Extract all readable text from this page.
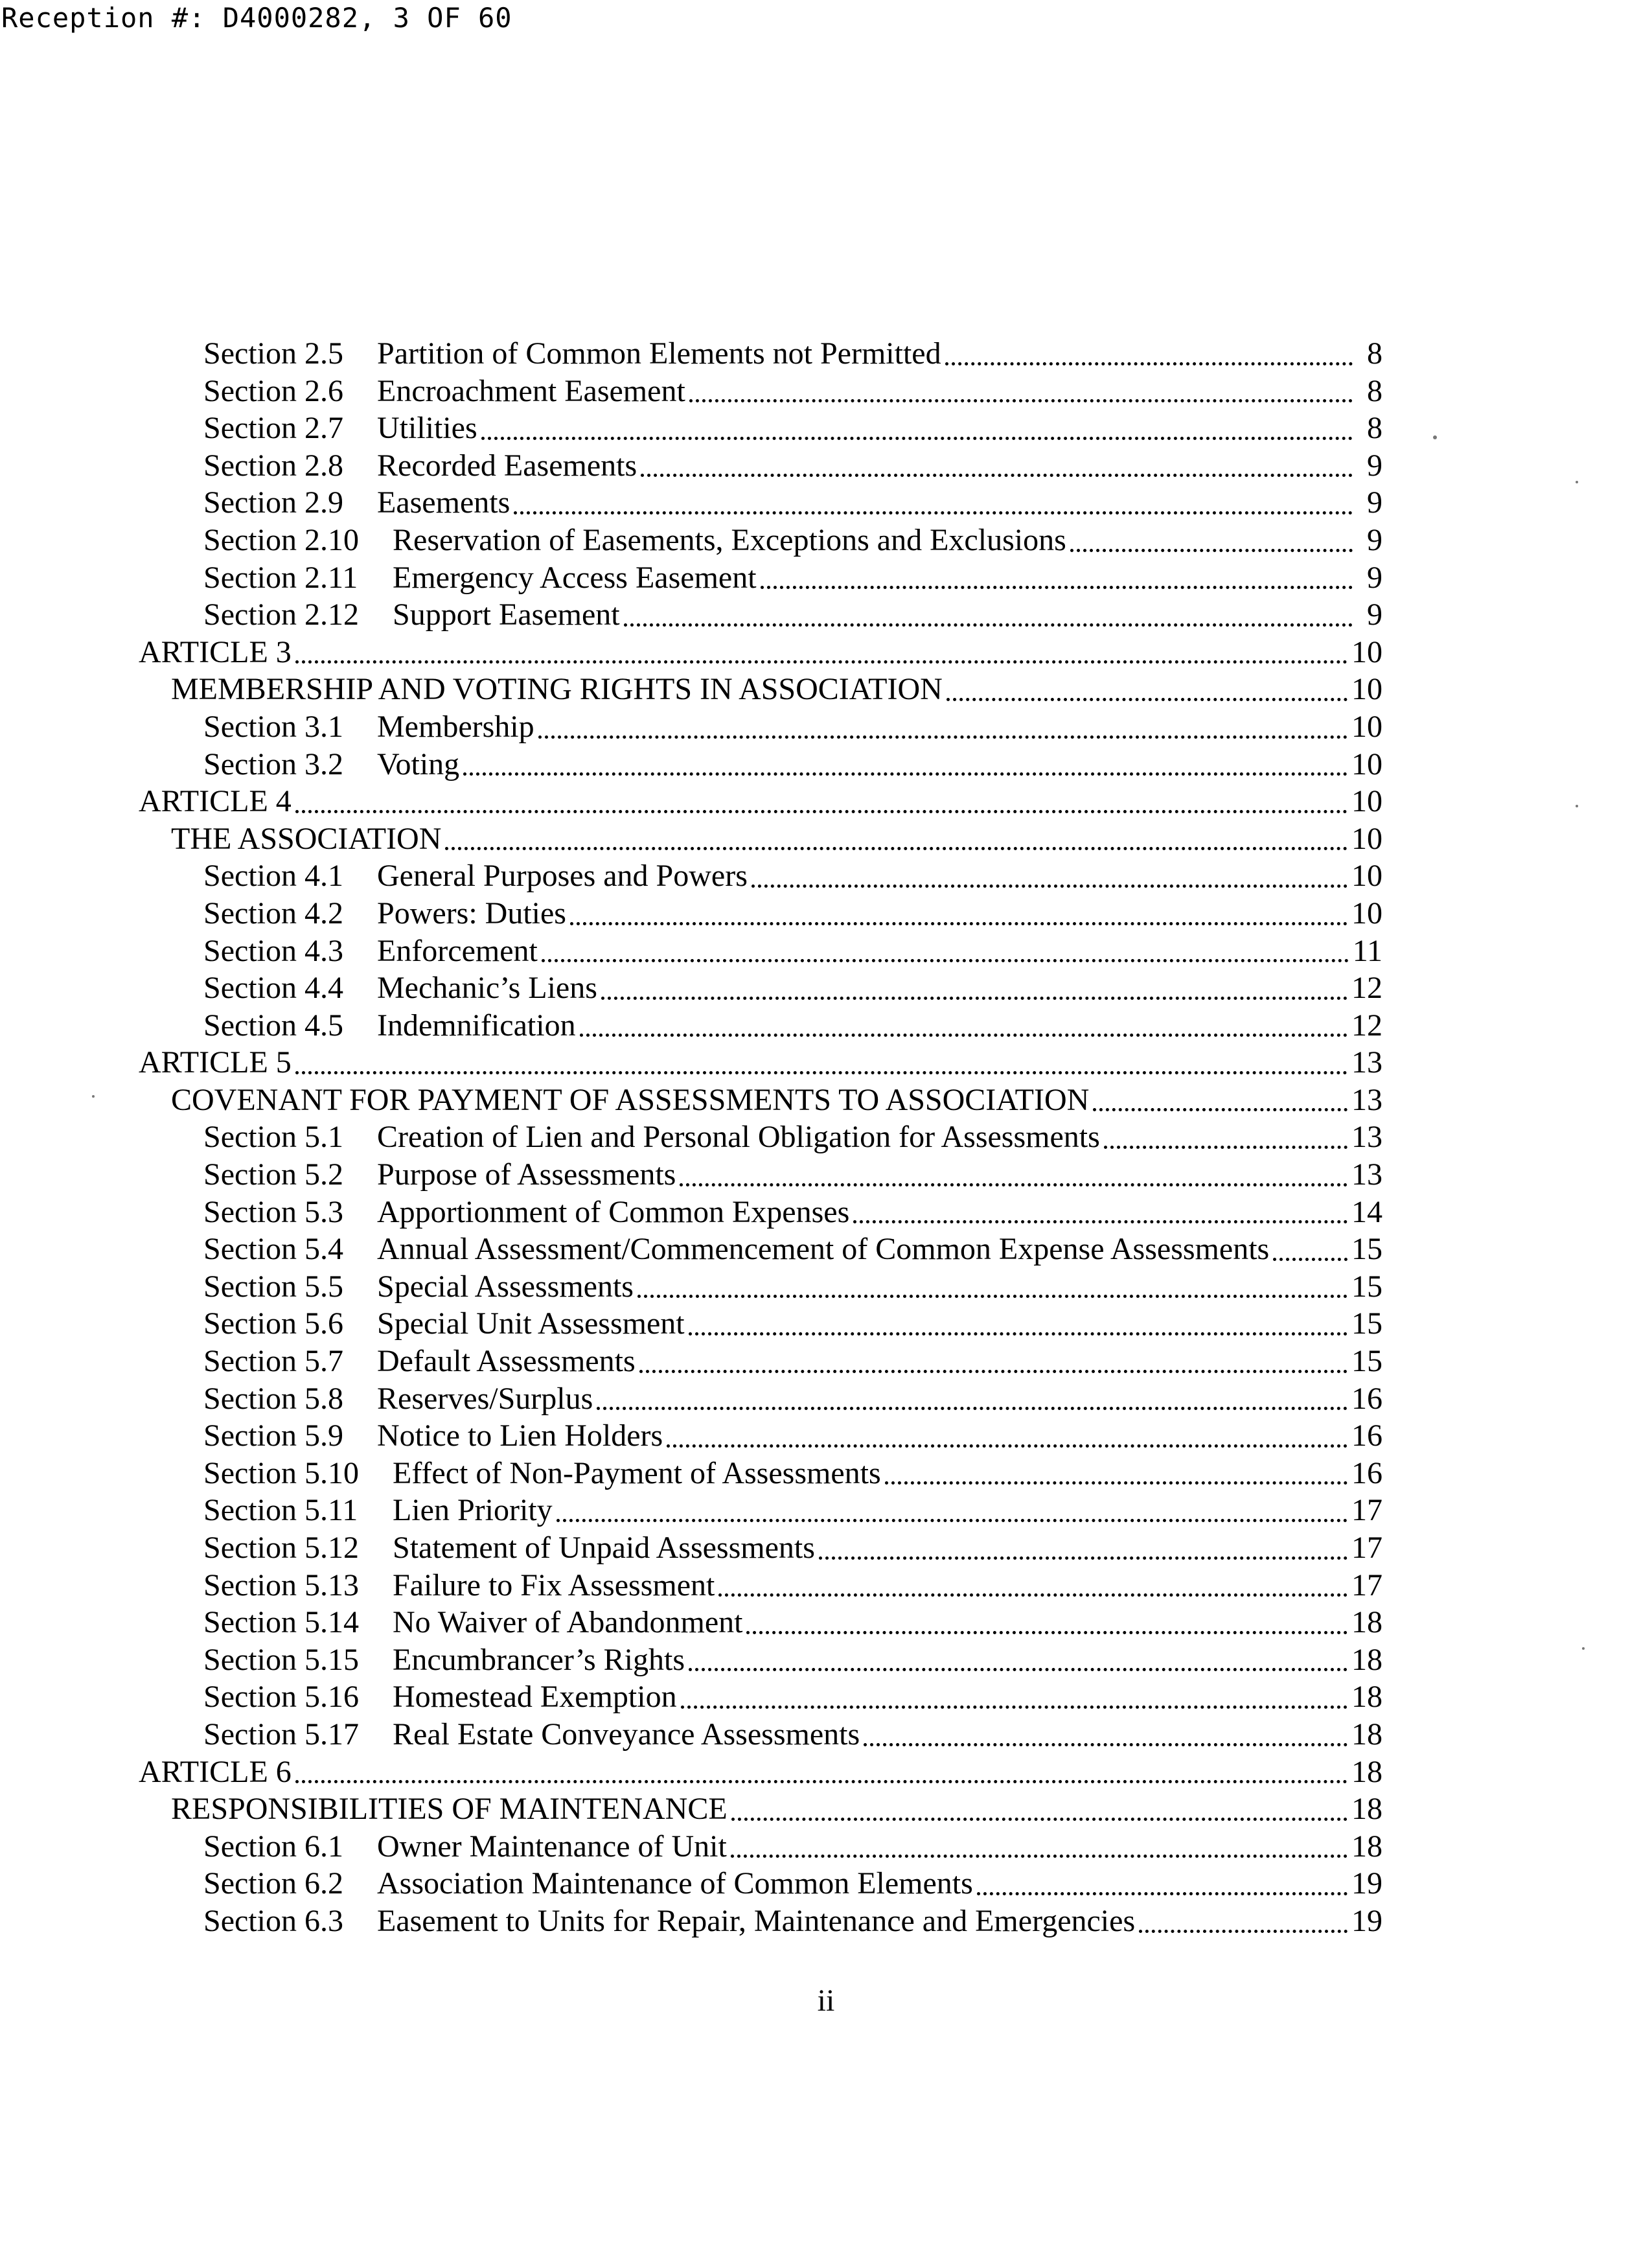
Reception #: D4000282, 3 OF 60
Section 2.5	Partition of Common Elements not Permitted	8
Section 2.6	Encroachment Easement	8
Section 2.7	Utilities	8
Section 2.8	Recorded Easements	9
Section 2.9	Easements	9
Section 2.10	Reservation of Easements, Exceptions and Exclusions	9
Section 2.11	Emergency Access Easement	9
Section 2.12	Support Easement	9
ARTICLE 3	10
MEMBERSHIP AND VOTING RIGHTS IN ASSOCIATION	10
Section 3.1	Membership	10
Section 3.2	Voting	10
ARTICLE 4	10
THE ASSOCIATION	10
Section 4.1	General Purposes and Powers	10
Section 4.2	Powers: Duties	10
Section 4.3	Enforcement	11
Section 4.4	Mechanic’s Liens	12
Section 4.5	Indemnification	12
ARTICLE 5	13
COVENANT FOR PAYMENT OF ASSESSMENTS TO ASSOCIATION	13
Section 5.1	Creation of Lien and Personal Obligation for Assessments	13
Section 5.2	Purpose of Assessments	13
Section 5.3	Apportionment of Common Expenses	14
Section 5.4	Annual Assessment/Commencement of Common Expense Assessments	15
Section 5.5	Special Assessments	15
Section 5.6	Special Unit Assessment	15
Section 5.7	Default Assessments	15
Section 5.8	Reserves/Surplus	16
Section 5.9	Notice to Lien Holders	16
Section 5.10	Effect of Non-Payment of Assessments	16
Section 5.11	Lien Priority	17
Section 5.12	Statement of Unpaid Assessments	17
Section 5.13	Failure to Fix Assessment	17
Section 5.14	No Waiver of Abandonment	18
Section 5.15	Encumbrancer’s Rights	18
Section 5.16	Homestead Exemption	18
Section 5.17	Real Estate Conveyance Assessments	18
ARTICLE 6	18
RESPONSIBILITIES OF MAINTENANCE	18
Section 6.1	Owner Maintenance of Unit	18
Section 6.2	Association Maintenance of Common Elements	19
Section 6.3	Easement to Units for Repair, Maintenance and Emergencies	19
ii
